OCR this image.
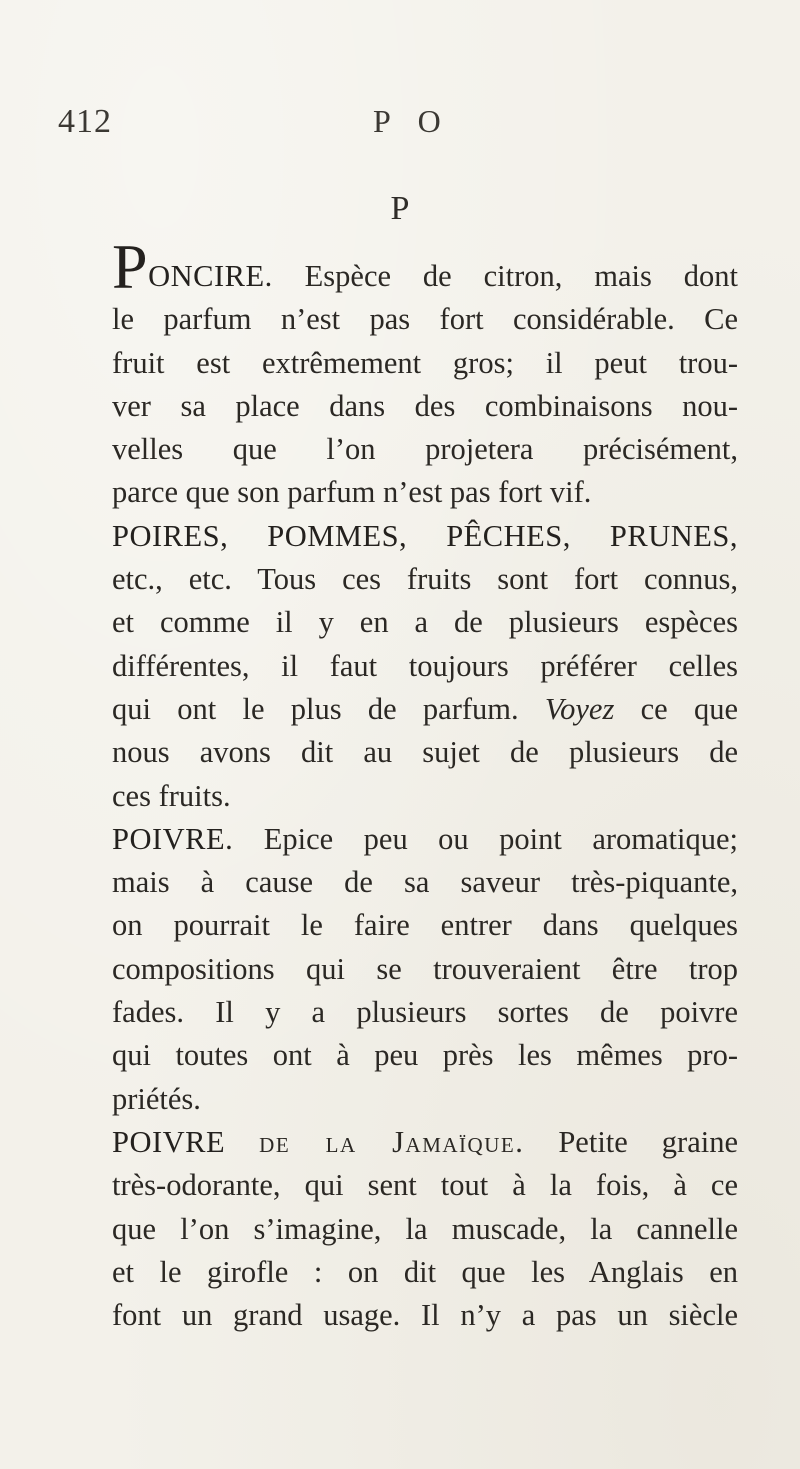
412	P O
P
PONCIRE. Espèce de citron, mais dont
le parfum n’est pas fort considérable. Ce
fruit est extrêmement gros; il peut trou-
ver sa place dans des combinaisons nou-
velles que l’on projetera précisément,
parce que son parfum n’est pas fort vif.
POIRES, POMMES, PÊCHES, PRUNES,
etc., etc. Tous ces fruits sont fort connus,
et comme il y en a de plusieurs espèces
différentes, il faut toujours préférer celles
qui ont le plus de parfum. Voyez ce que
nous avons dit au sujet de plusieurs de
ces fruits.
POIVRE. Epice peu ou point aromatique;
mais à cause de sa saveur très-piquante,
on pourrait le faire entrer dans quelques
compositions qui se trouveraient être trop
fades. Il y a plusieurs sortes de poivre
qui toutes ont à peu près les mêmes pro-
priétés.
POIVRE de la Jamaïque. Petite graine
très-odorante, qui sent tout à la fois, à ce
que l’on s’imagine, la muscade, la cannelle
et le girofle : on dit que les Anglais en
font un grand usage. Il n’y a pas un siècle
